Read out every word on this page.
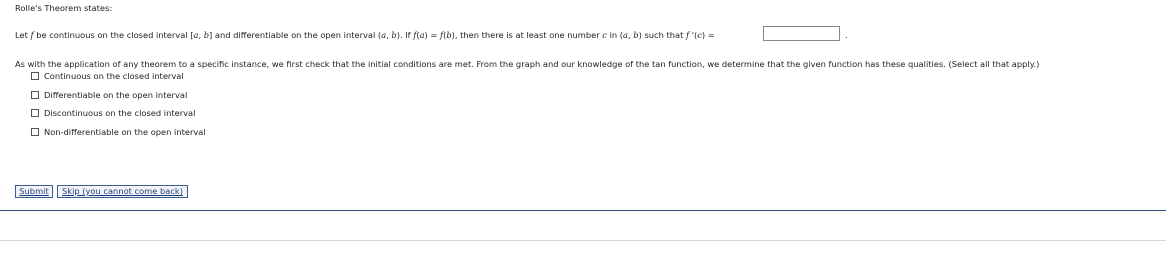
Rolle's Theorem states:
Let f be continuous on the closed interval [a, b] and differentiable on the open interval (a, b). If f(a) = f(b), then there is at least one number c in (a, b) such that f '(c) =	.
As with the application of any theorem to a specific instance, we first check that the initial conditions are met. From the graph and our knowledge of the tan function, we determine that the given function has these qualities. (Select all that apply.)
Continuous on the closed interval
Differentiable on the open interval
Discontinuous on the closed interval
Non-differentiable on the open interval
Submit	Skip (you cannot come back)
